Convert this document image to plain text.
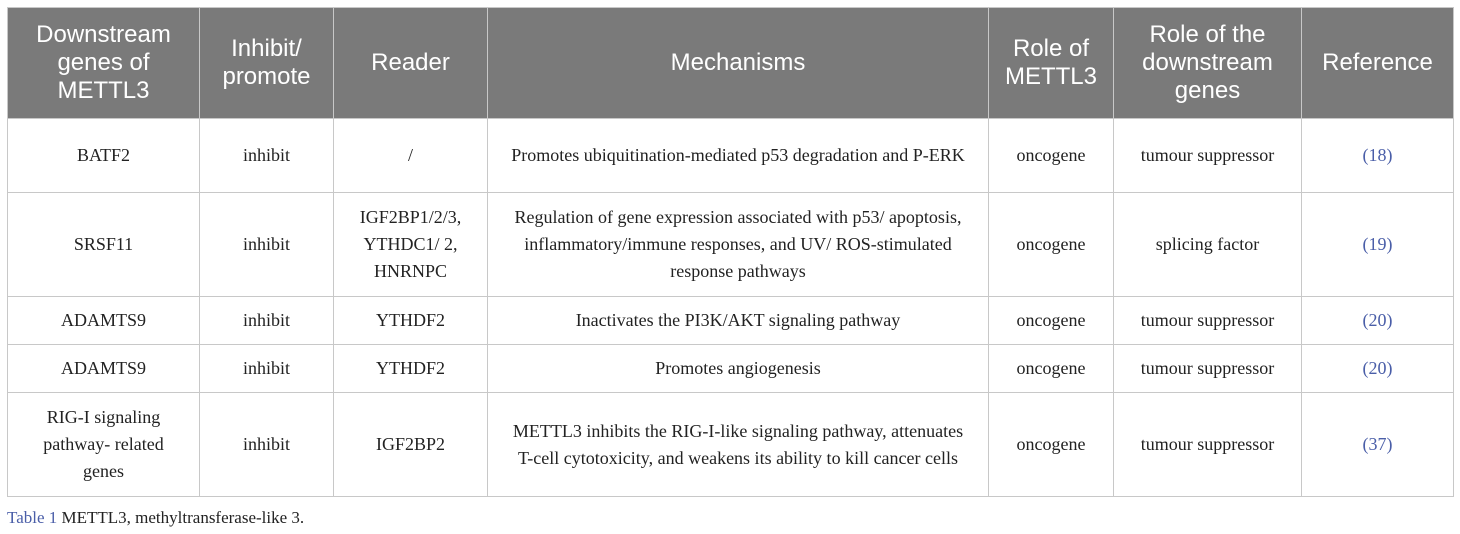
Downstream genes of METTL3	Inhibit/ promote	Reader	Mechanisms	Role of METTL3	Role of the downstream genes	Reference
BATF2	inhibit	/	Promotes ubiquitination-mediated p53 degradation and P-ERK	oncogene	tumour suppressor	(18)
SRSF11	inhibit	IGF2BP1/2/3, YTHDC1/ 2, HNRNPC	Regulation of gene expression associated with p53/ apoptosis, inflammatory/immune responses, and UV/ ROS-stimulated response pathways	oncogene	splicing factor	(19)
ADAMTS9	inhibit	YTHDF2	Inactivates the PI3K/AKT signaling pathway	oncogene	tumour suppressor	(20)
ADAMTS9	inhibit	YTHDF2	Promotes angiogenesis	oncogene	tumour suppressor	(20)
RIG-I signaling pathway- related genes	inhibit	IGF2BP2	METTL3 inhibits the RIG-I-like signaling pathway, attenuates T-cell cytotoxicity, and weakens its ability to kill cancer cells	oncogene	tumour suppressor	(37)
Table 1 METTL3, methyltransferase-like 3.
